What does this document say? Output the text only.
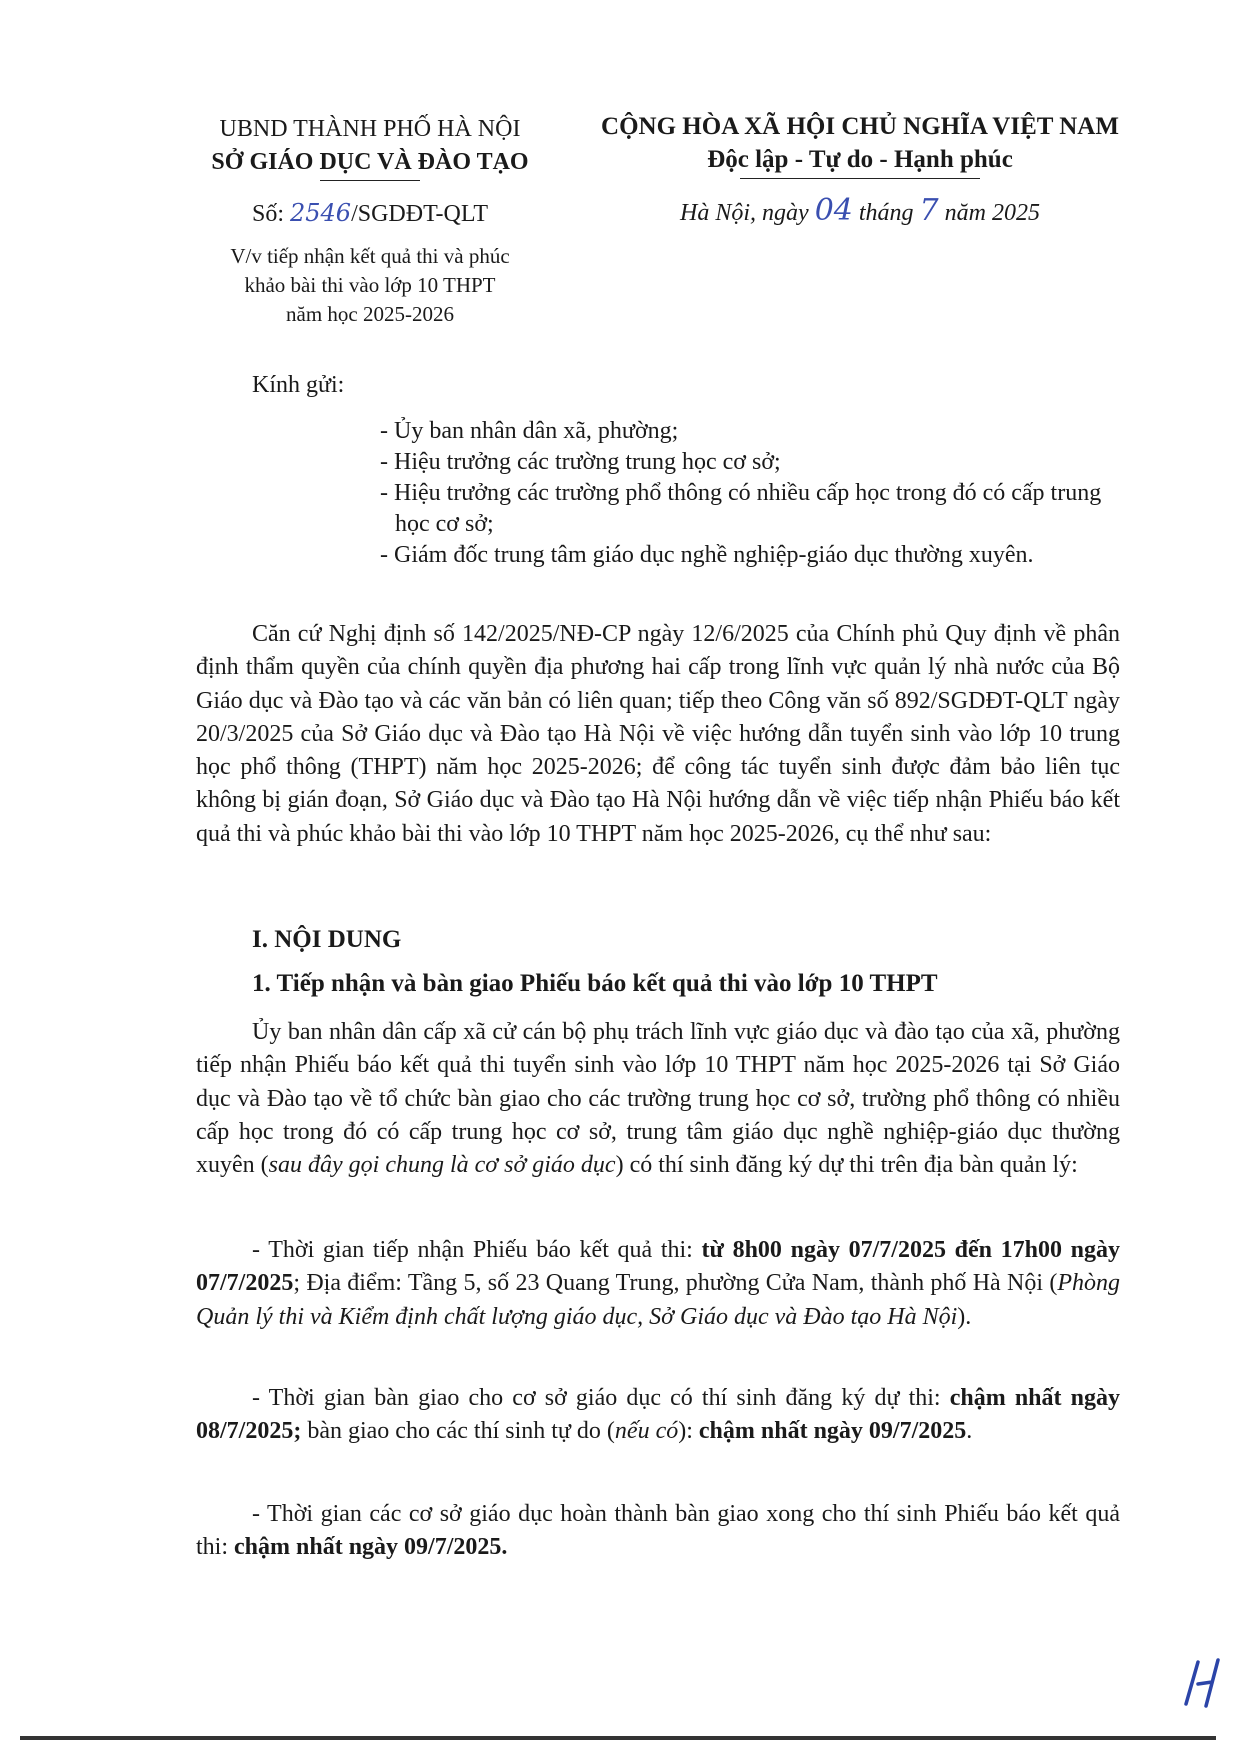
UBND THÀNH PHỐ HÀ NỘI
SỞ GIÁO DỤC VÀ ĐÀO TẠO
Số: 2546/SGDĐT-QLT
V/v tiếp nhận kết quả thi và phúc
khảo bài thi vào lớp 10 THPT
năm học 2025-2026
CỘNG HÒA XÃ HỘI CHỦ NGHĨA VIỆT NAM
Độc lập - Tự do - Hạnh phúc
Hà Nội, ngày 04 tháng 7 năm 2025
Kính gửi:
- Ủy ban nhân dân xã, phường;
- Hiệu trưởng các trường trung học cơ sở;
- Hiệu trưởng các trường phổ thông có nhiều cấp học trong đó có cấp trung học cơ sở;
- Giám đốc trung tâm giáo dục nghề nghiệp-giáo dục thường xuyên.
Căn cứ Nghị định số 142/2025/NĐ-CP ngày 12/6/2025 của Chính phủ Quy định về phân định thẩm quyền của chính quyền địa phương hai cấp trong lĩnh vực quản lý nhà nước của Bộ Giáo dục và Đào tạo và các văn bản có liên quan; tiếp theo Công văn số 892/SGDĐT-QLT ngày 20/3/2025 của Sở Giáo dục và Đào tạo Hà Nội về việc hướng dẫn tuyển sinh vào lớp 10 trung học phổ thông (THPT) năm học 2025-2026; để công tác tuyển sinh được đảm bảo liên tục không bị gián đoạn, Sở Giáo dục và Đào tạo Hà Nội hướng dẫn về việc tiếp nhận Phiếu báo kết quả thi và phúc khảo bài thi vào lớp 10 THPT năm học 2025-2026, cụ thể như sau:
I. NỘI DUNG
1. Tiếp nhận và bàn giao Phiếu báo kết quả thi vào lớp 10 THPT
Ủy ban nhân dân cấp xã cử cán bộ phụ trách lĩnh vực giáo dục và đào tạo của xã, phường tiếp nhận Phiếu báo kết quả thi tuyển sinh vào lớp 10 THPT năm học 2025-2026 tại Sở Giáo dục và Đào tạo về tổ chức bàn giao cho các trường trung học cơ sở, trường phổ thông có nhiều cấp học trong đó có cấp trung học cơ sở, trung tâm giáo dục nghề nghiệp-giáo dục thường xuyên (sau đây gọi chung là cơ sở giáo dục) có thí sinh đăng ký dự thi trên địa bàn quản lý:
- Thời gian tiếp nhận Phiếu báo kết quả thi: từ 8h00 ngày 07/7/2025 đến 17h00 ngày 07/7/2025; Địa điểm: Tầng 5, số 23 Quang Trung, phường Cửa Nam, thành phố Hà Nội (Phòng Quản lý thi và Kiểm định chất lượng giáo dục, Sở Giáo dục và Đào tạo Hà Nội).
- Thời gian bàn giao cho cơ sở giáo dục có thí sinh đăng ký dự thi: chậm nhất ngày 08/7/2025; bàn giao cho các thí sinh tự do (nếu có): chậm nhất ngày 09/7/2025.
- Thời gian các cơ sở giáo dục hoàn thành bàn giao xong cho thí sinh Phiếu báo kết quả thi: chậm nhất ngày 09/7/2025.
